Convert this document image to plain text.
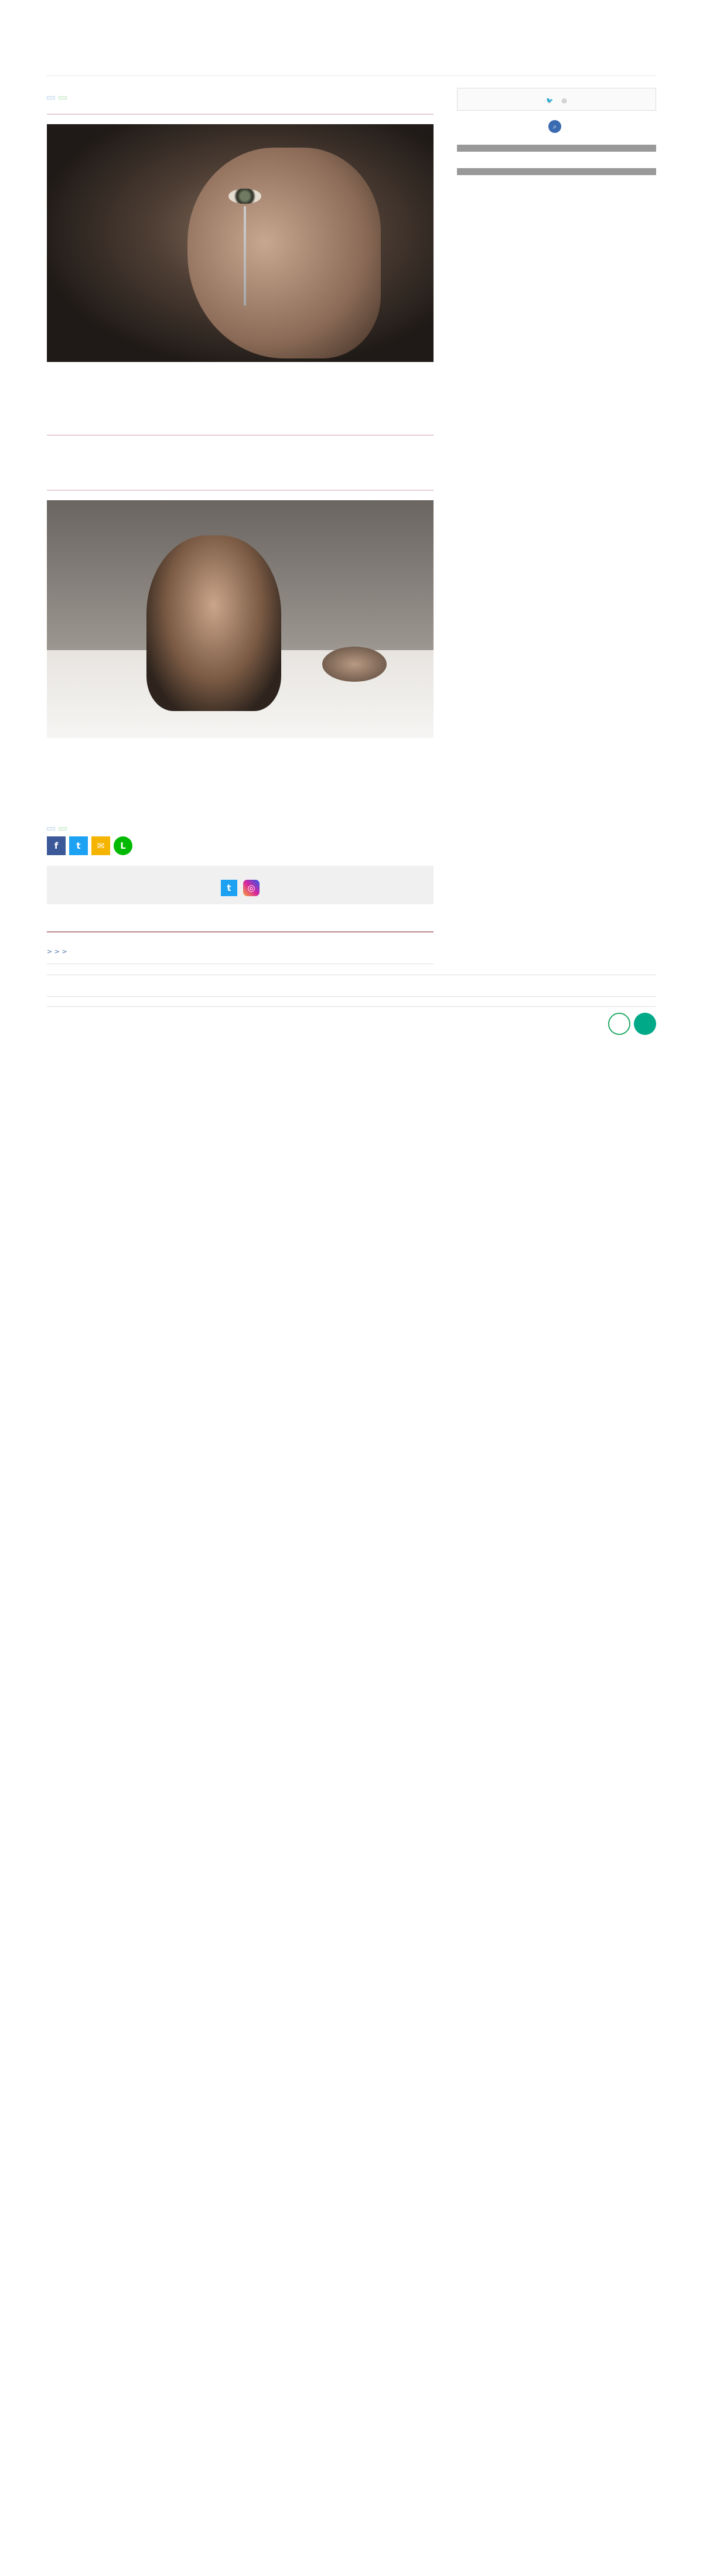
f	t	✉	L
t	◎

> > >
🐦 ◎
⌕
